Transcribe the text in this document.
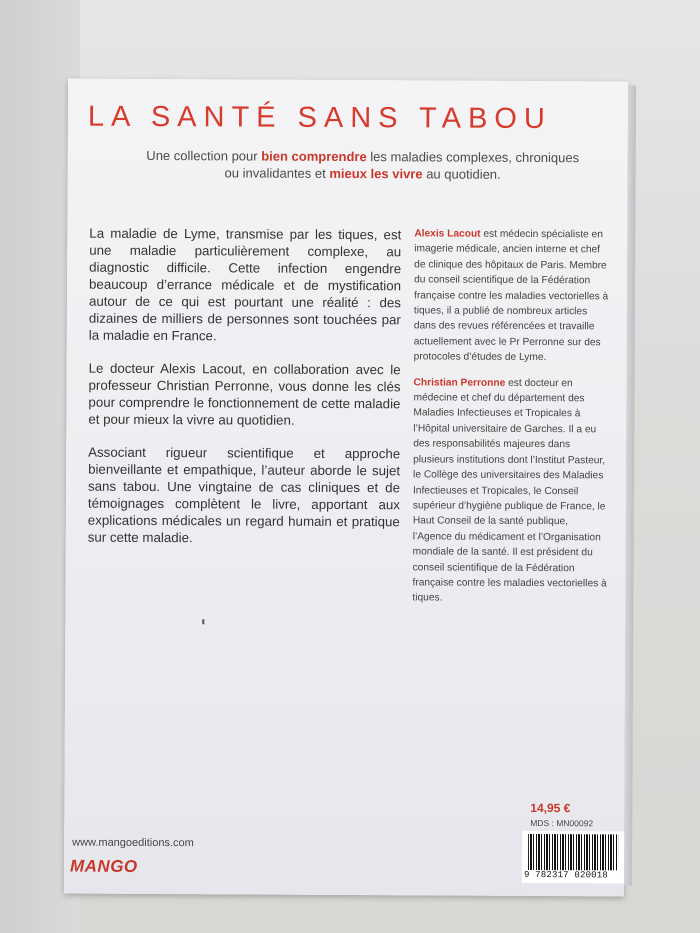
LA SANTÉ SANS TABOU
Une collection pour bien comprendre les maladies complexes, chroniques ou invalidantes et mieux les vivre au quotidien.

La maladie de Lyme, transmise par les tiques, est une maladie particulièrement complexe, au diagnostic difficile. Cette infection engendre beaucoup d’errance médicale et de mystification autour de ce qui est pourtant une réalité : des dizaines de milliers de personnes sont touchées par la maladie en France.

Le docteur Alexis Lacout, en collaboration avec le professeur Christian Perronne, vous donne les clés pour comprendre le fonctionnement de cette maladie et pour mieux la vivre au quotidien.

Associant rigueur scientifique et approche bienveillante et empathique, l’auteur aborde le sujet sans tabou. Une vingtaine de cas cliniques et de témoignages complètent le livre, apportant aux explications médicales un regard humain et pratique sur cette maladie.

Alexis Lacout est médecin spécialiste en imagerie médicale, ancien interne et chef de clinique des hôpitaux de Paris. Membre du conseil scientifique de la Fédération française contre les maladies vectorielles à tiques, il a publié de nombreux articles dans des revues référencées et travaille actuellement avec le Pr Perronne sur des protocoles d’études de Lyme.

Christian Perronne est docteur en médecine et chef du département des Maladies Infectieuses et Tropicales à l’Hôpital universitaire de Garches. Il a eu des responsabilités majeures dans plusieurs institutions dont l’Institut Pasteur, le Collège des universitaires des Maladies Infectieuses et Tropicales, le Conseil supérieur d’hygiène publique de France, le Haut Conseil de la santé publique, l’Agence du médicament et l’Organisation mondiale de la santé. Il est président du conseil scientifique de la Fédération française contre les maladies vectorielles à tiques.

www.mangoeditions.com
MANGO
14,95 €
MDS : MN00092
9 782317 020018
